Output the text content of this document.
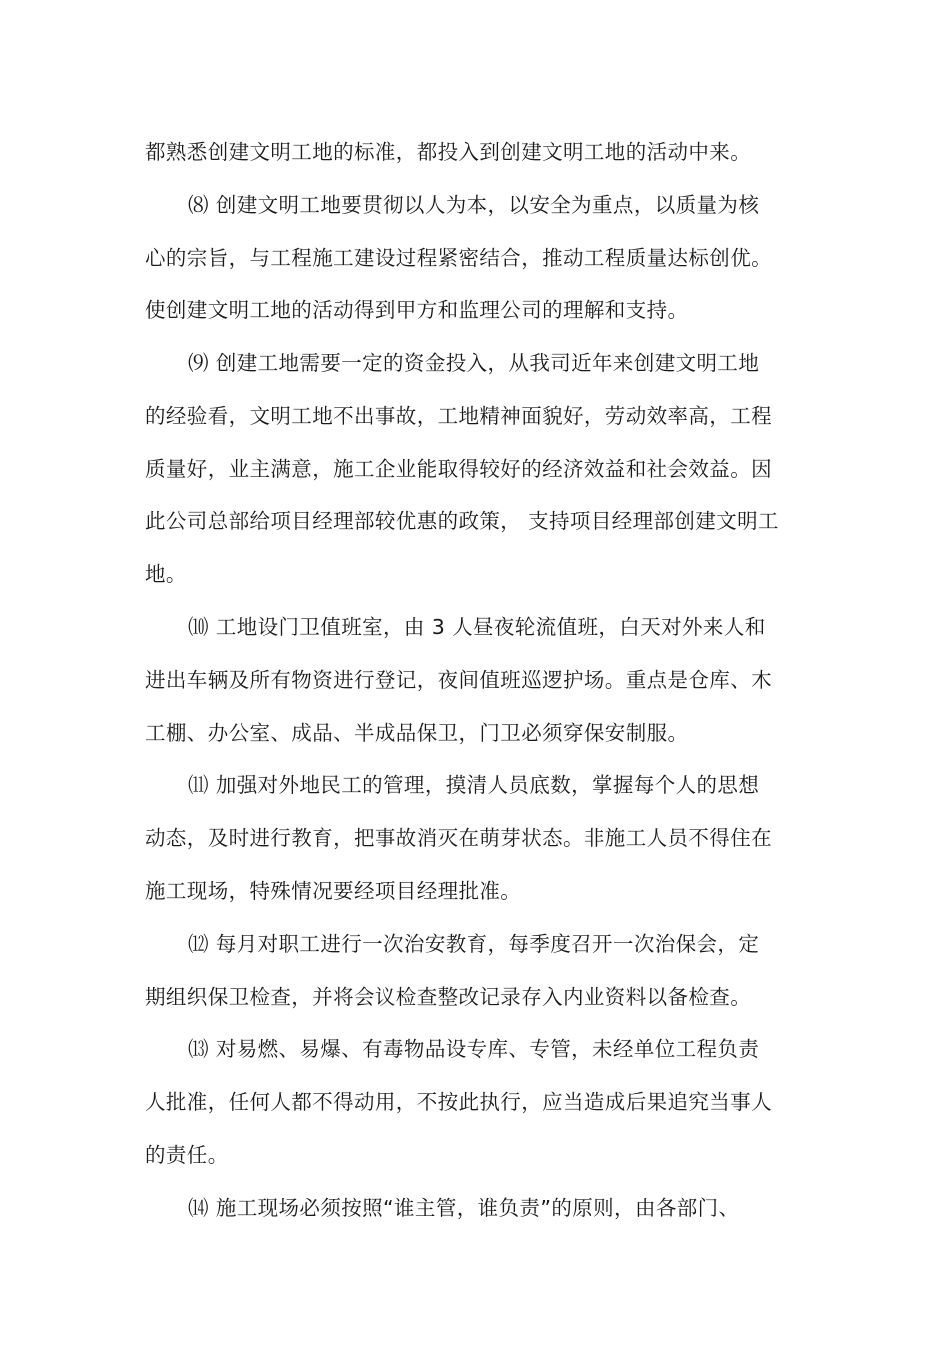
都熟悉创建文明工地的标准，都投入到创建文明工地的活动中来。
⑻ 创建文明工地要贯彻以人为本，以安全为重点，以质量为核
心的宗旨，与工程施工建设过程紧密结合，推动工程质量达标创优。
使创建文明工地的活动得到甲方和监理公司的理解和支持。
⑼ 创建工地需要一定的资金投入，从我司近年来创建文明工地
的经验看，文明工地不出事故，工地精神面貌好，劳动效率高，工程
质量好，业主满意，施工企业能取得较好的经济效益和社会效益。因
此公司总部给项目经理部较优惠的政策， 支持项目经理部创建文明工
地。
⑽ 工地设门卫值班室，由 3 人昼夜轮流值班，白天对外来人和
进出车辆及所有物资进行登记，夜间值班巡逻护场。重点是仓库、木
工棚、办公室、成品、半成品保卫，门卫必须穿保安制服。
⑾ 加强对外地民工的管理，摸清人员底数，掌握每个人的思想
动态，及时进行教育，把事故消灭在萌芽状态。非施工人员不得住在
施工现场，特殊情况要经项目经理批准。
⑿ 每月对职工进行一次治安教育，每季度召开一次治保会，定
期组织保卫检查，并将会议检查整改记录存入内业资料以备检查。
⒀ 对易燃、易爆、有毒物品设专库、专管，未经单位工程负责
人批准，任何人都不得动用，不按此执行，应当造成后果追究当事人
的责任。
⒁ 施工现场必须按照“谁主管，谁负责”的原则，由各部门、
